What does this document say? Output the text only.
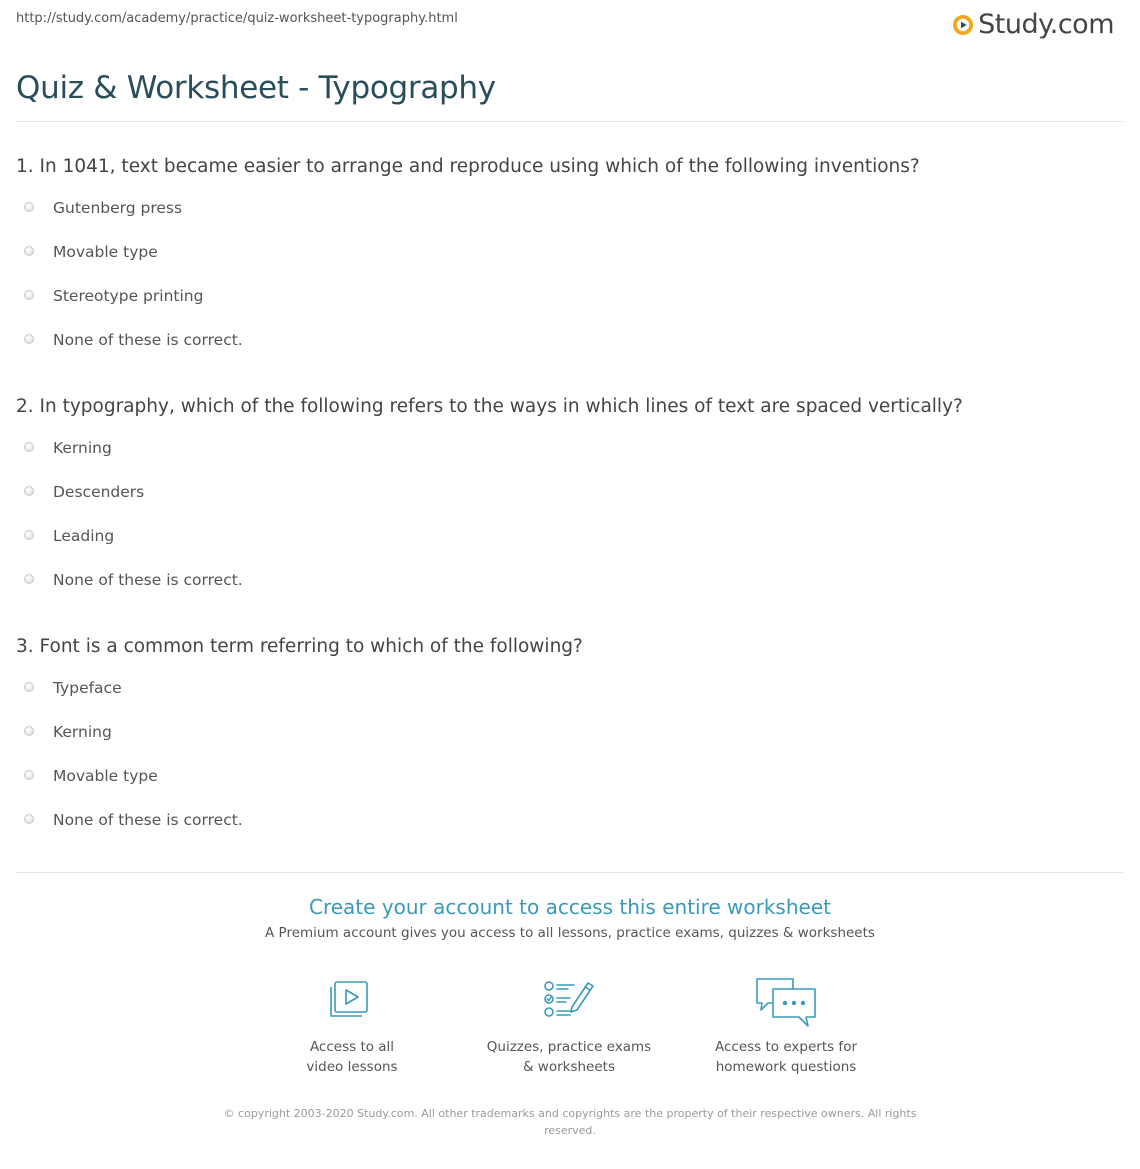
http://study.com/academy/practice/quiz-worksheet-typography.html	Study.com
Quiz & Worksheet - Typography
1. In 1041, text became easier to arrange and reproduce using which of the following inventions?
Gutenberg press
Movable type
Stereotype printing
None of these is correct.
2. In typography, which of the following refers to the ways in which lines of text are spaced vertically?
Kerning
Descenders
Leading
None of these is correct.
3. Font is a common term referring to which of the following?
Typeface
Kerning
Movable type
None of these is correct.
Create your account to access this entire worksheet
A Premium account gives you access to all lessons, practice exams, quizzes & worksheets
Access to all
video lessons
Quizzes, practice exams
& worksheets
Access to experts for
homework questions
© copyright 2003-2020 Study.com. All other trademarks and copyrights are the property of their respective owners. All rights reserved.
